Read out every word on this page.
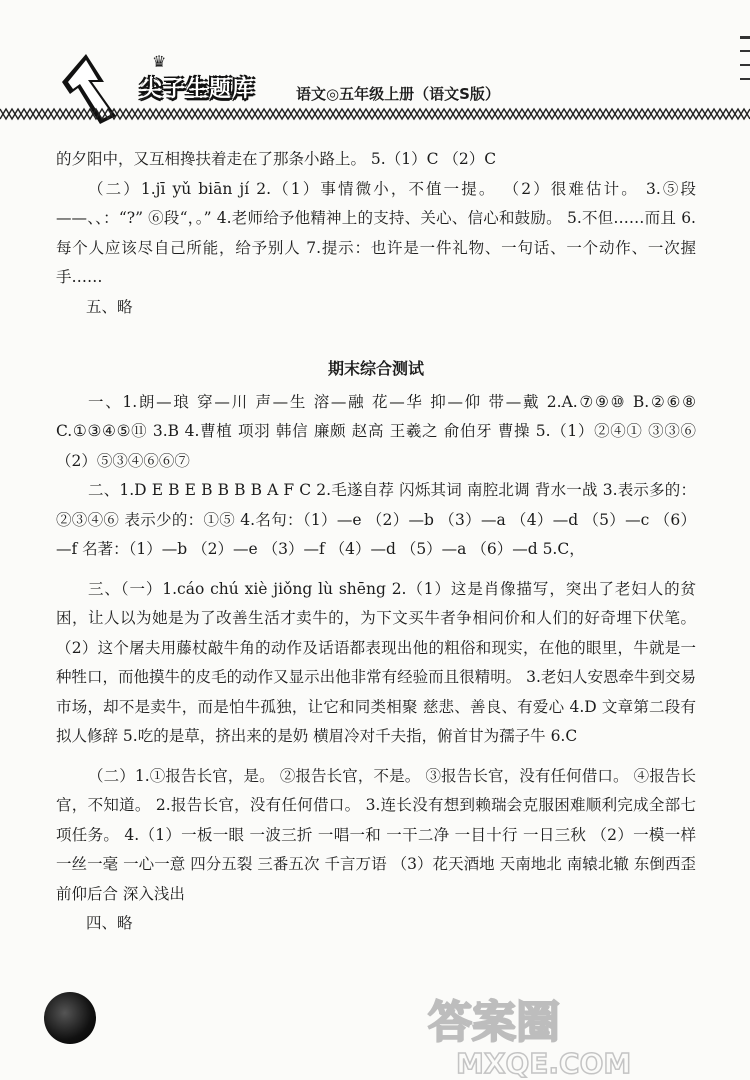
♛
尖子生题库	语文◎五年级上册（语文S版）

的夕阳中，又互相搀扶着走在了那条小路上。 5.（1）C （2）C

（二）1.jī yǔ biān jí 2.（1）事情微小，不值一提。 （2）很难估计。 3.⑤段——、、：“?” ⑥段“，。” 4.老师给予他精神上的支持、关心、信心和鼓励。 5.不但……而且 6.每个人应该尽自己所能，给予别人 7.提示：也许是一件礼物、一句话、一个动作、一次握手……

五、略

期末综合测试

一、1.朗—琅 穿—川 声—生 溶—融 花—华 抑—仰 带—戴 2.A.⑦⑨⑩ B.②⑥⑧ C.①③④⑤⑪ 3.B 4.曹植 项羽 韩信 廉颇 赵高 王羲之 俞伯牙 曹操 5.（1）②④① ③③⑥ （2）⑤③④⑥⑥⑦

二、1.D E B E B B B B A F C 2.毛遂自荐 闪烁其词 南腔北调 背水一战 3.表示多的：②③④⑥ 表示少的：①⑤ 4.名句：（1）—e （2）—b （3）—a （4）—d （5）—c （6）—f 名著：（1）—b （2）—e （3）—f （4）—d （5）—a （6）—d 5.C，

三、（一）1.cáo chú xiè jiǒng lù shēng 2.（1）这是肖像描写，突出了老妇人的贫困，让人以为她是为了改善生活才卖牛的，为下文买牛者争相问价和人们的好奇埋下伏笔。 （2）这个屠夫用藤杖敲牛角的动作及话语都表现出他的粗俗和现实，在他的眼里，牛就是一种牲口，而他摸牛的皮毛的动作又显示出他非常有经验而且很精明。 3.老妇人安恩牵牛到交易市场，却不是卖牛，而是怕牛孤独，让它和同类相聚 慈悲、善良、有爱心 4.D 文章第二段有拟人修辞 5.吃的是草，挤出来的是奶 横眉冷对千夫指，俯首甘为孺子牛 6.C

（二）1.①报告长官，是。 ②报告长官，不是。 ③报告长官，没有任何借口。 ④报告长官，不知道。 2.报告长官，没有任何借口。 3.连长没有想到赖瑞会克服困难顺利完成全部七项任务。 4.（1）一板一眼 一波三折 一唱一和 一干二净 一目十行 一日三秋 （2）一模一样 一丝一毫 一心一意 四分五裂 三番五次 千言万语 （3）花天酒地 天南地北 南辕北辙 东倒西歪 前仰后合 深入浅出

四、略

答案圈
MXQE.COM
